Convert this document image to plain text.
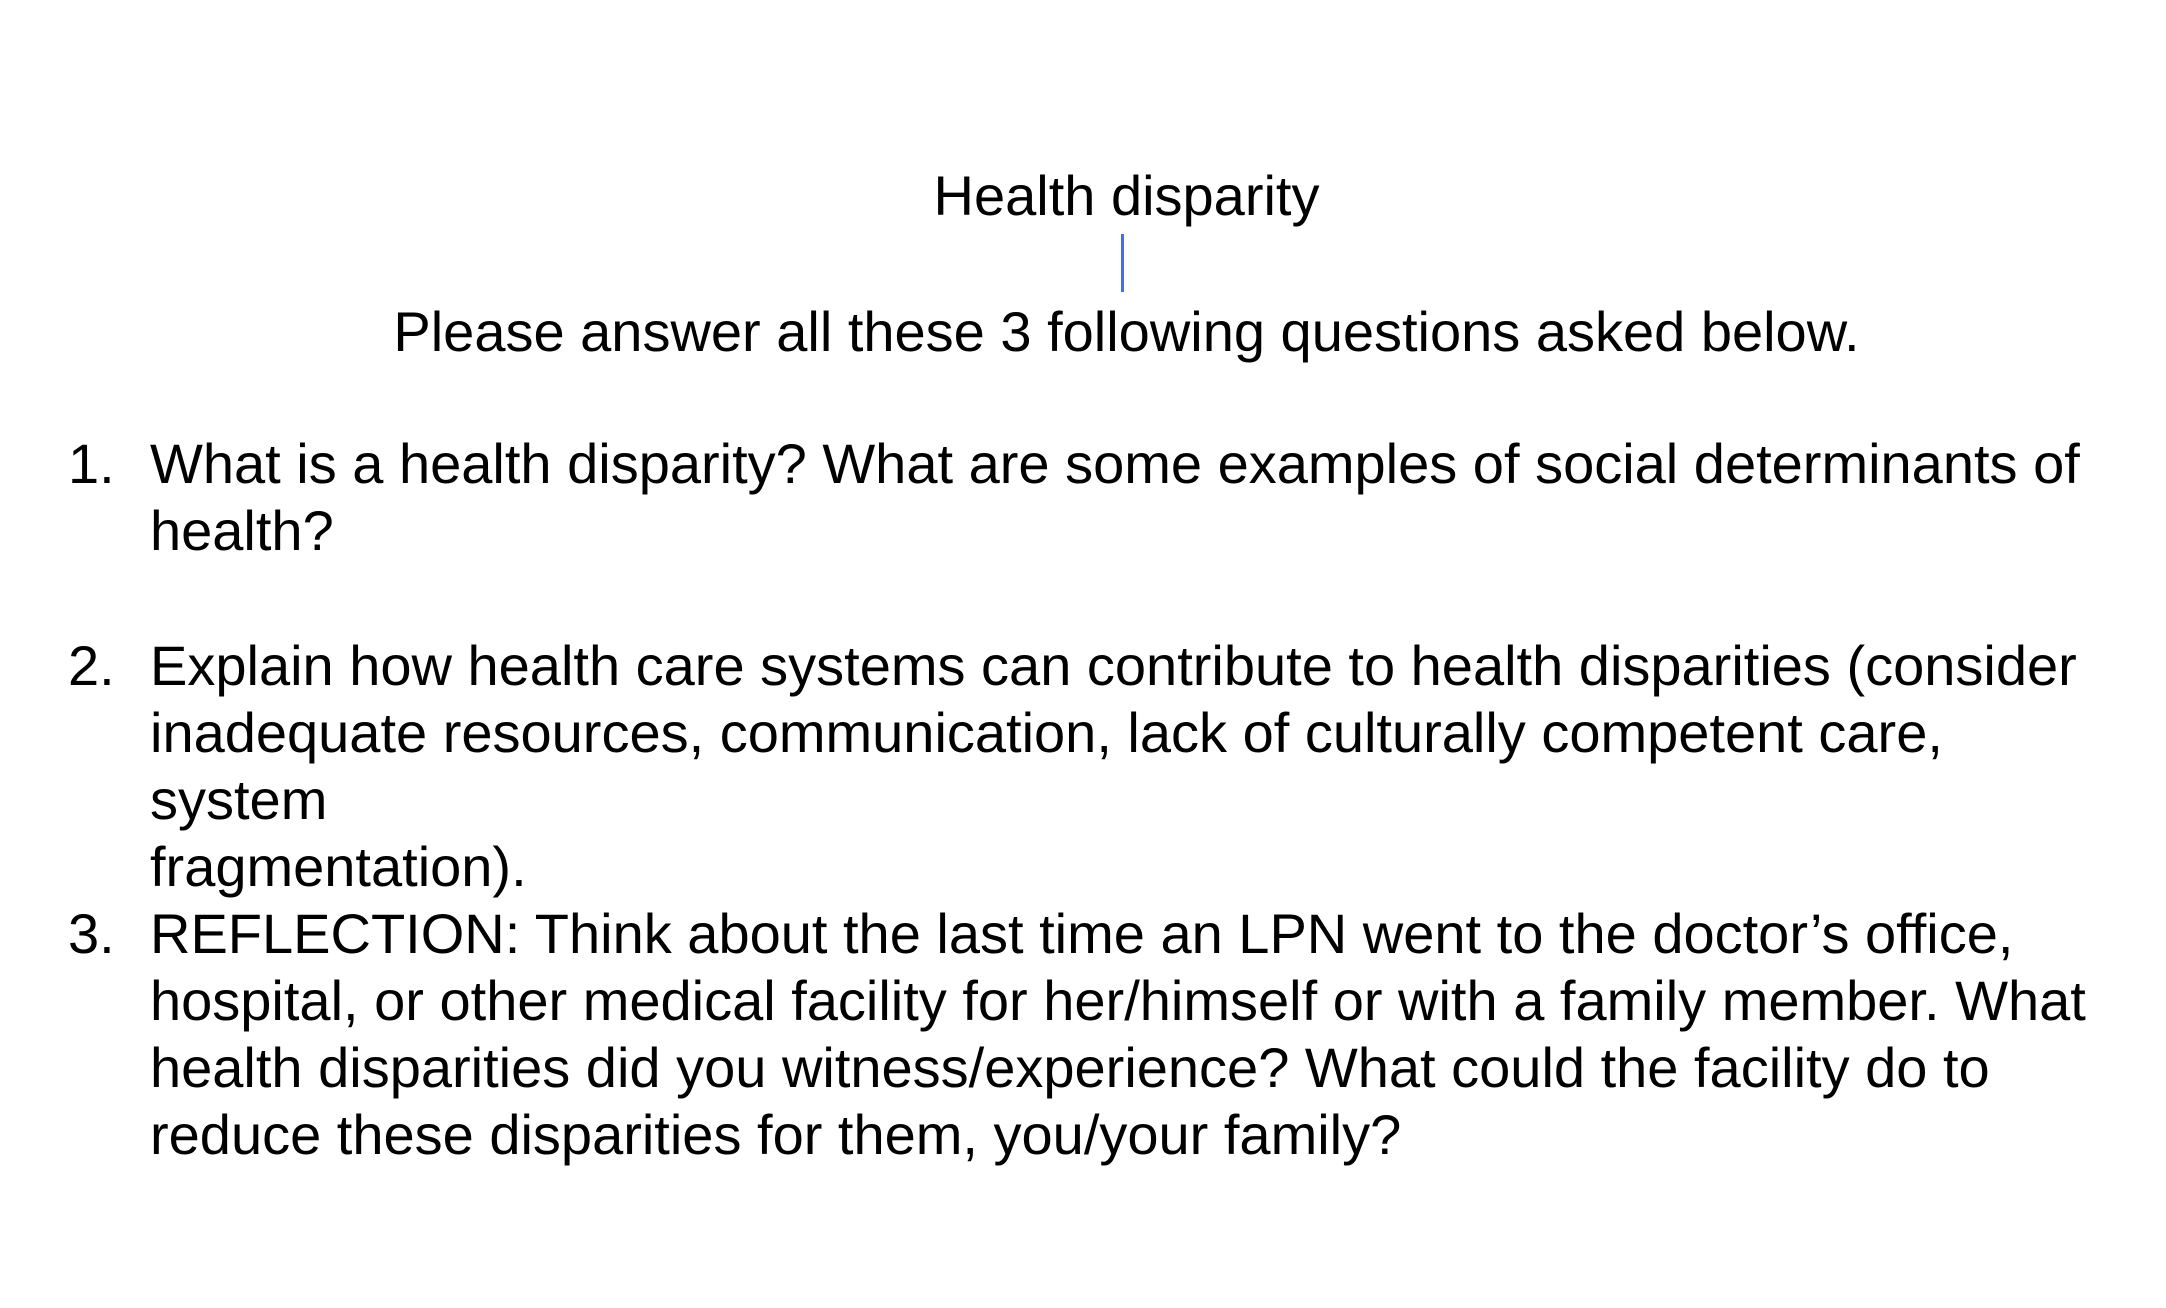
Health disparity
Please answer all these 3 following questions asked below.
1. What is a health disparity? What are some examples of social determinants of
health?
2. Explain how health care systems can contribute to health disparities (consider
inadequate resources, communication, lack of culturally competent care, system
fragmentation).
3. REFLECTION: Think about the last time an LPN went to the doctor’s office,
hospital, or other medical facility for her/himself or with a family member. What
health disparities did you witness/experience? What could the facility do to
reduce these disparities for them, you/your family?
